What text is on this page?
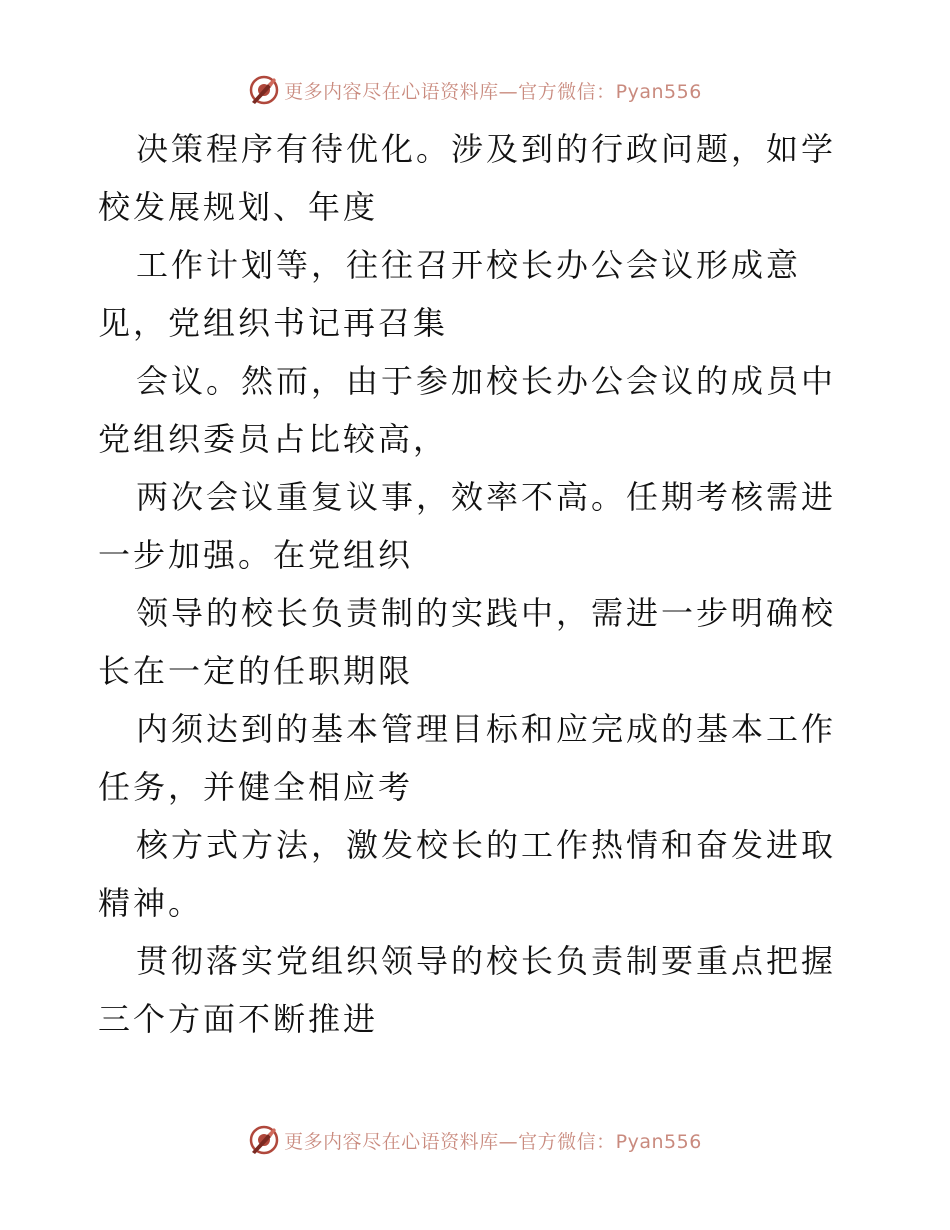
更多内容尽在心语资料库—官方微信：Pyan556

决策程序有待优化。涉及到的行政问题，如学校发展规划、年度

工作计划等，往往召开校长办公会议形成意见，党组织书记再召集

会议。然而，由于参加校长办公会议的成员中党组织委员占比较高，

两次会议重复议事，效率不高。任期考核需进一步加强。在党组织

领导的校长负责制的实践中，需进一步明确校长在一定的任职期限

内须达到的基本管理目标和应完成的基本工作任务，并健全相应考

核方式方法，激发校长的工作热情和奋发进取精神。

贯彻落实党组织领导的校长负责制要重点把握三个方面不断推进

更多内容尽在心语资料库—官方微信：Pyan556
